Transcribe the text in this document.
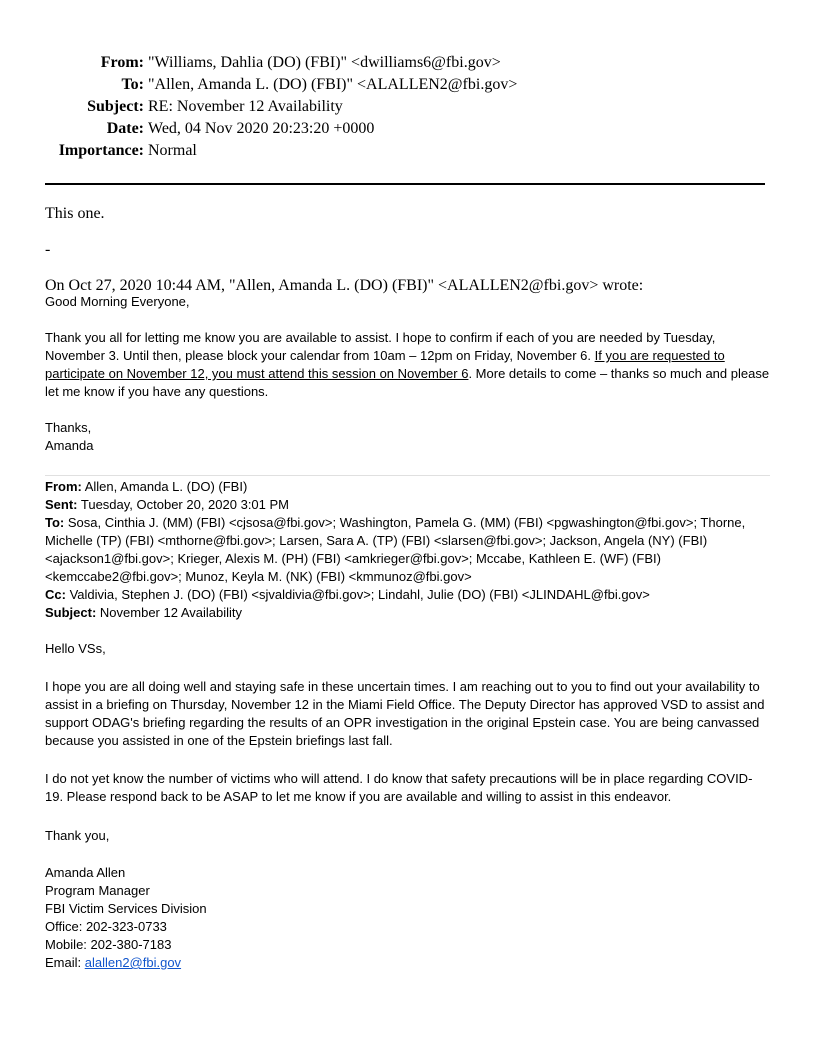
From: "Williams, Dahlia (DO) (FBI)" <dwilliams6@fbi.gov>
To: "Allen, Amanda L. (DO) (FBI)" <ALALLEN2@fbi.gov>
Subject: RE: November 12 Availability
Date: Wed, 04 Nov 2020 20:23:20 +0000
Importance: Normal
This one.
-
On Oct 27, 2020 10:44 AM, "Allen, Amanda L. (DO) (FBI)" <ALALLEN2@fbi.gov> wrote:
Good Morning Everyone,

Thank you all for letting me know you are available to assist. I hope to confirm if each of you are needed by Tuesday, November 3. Until then, please block your calendar from 10am – 12pm on Friday, November 6. If you are requested to participate on November 12, you must attend this session on November 6. More details to come – thanks so much and please let me know if you have any questions.

Thanks,
Amanda
From: Allen, Amanda L. (DO) (FBI)
Sent: Tuesday, October 20, 2020 3:01 PM
To: Sosa, Cinthia J. (MM) (FBI) <cjsosa@fbi.gov>; Washington, Pamela G. (MM) (FBI) <pgwashington@fbi.gov>; Thorne, Michelle (TP) (FBI) <mthorne@fbi.gov>; Larsen, Sara A. (TP) (FBI) <slarsen@fbi.gov>; Jackson, Angela (NY) (FBI) <ajackson1@fbi.gov>; Krieger, Alexis M. (PH) (FBI) <amkrieger@fbi.gov>; Mccabe, Kathleen E. (WF) (FBI) <kemccabe2@fbi.gov>; Munoz, Keyla M. (NK) (FBI) <kmmunoz@fbi.gov>
Cc: Valdivia, Stephen J. (DO) (FBI) <sjvaldivia@fbi.gov>; Lindahl, Julie (DO) (FBI) <JLINDAHL@fbi.gov>
Subject: November 12 Availability
Hello VSs,

I hope you are all doing well and staying safe in these uncertain times. I am reaching out to you to find out your availability to assist in a briefing on Thursday, November 12 in the Miami Field Office. The Deputy Director has approved VSD to assist and support ODAG's briefing regarding the results of an OPR investigation in the original Epstein case. You are being canvassed because you assisted in one of the Epstein briefings last fall.

I do not yet know the number of victims who will attend. I do know that safety precautions will be in place regarding COVID-19. Please respond back to be ASAP to let me know if you are available and willing to assist in this endeavor.

Thank you,
Amanda Allen
Program Manager
FBI Victim Services Division
Office: 202-323-0733
Mobile: 202-380-7183
Email: alallen2@fbi.gov
